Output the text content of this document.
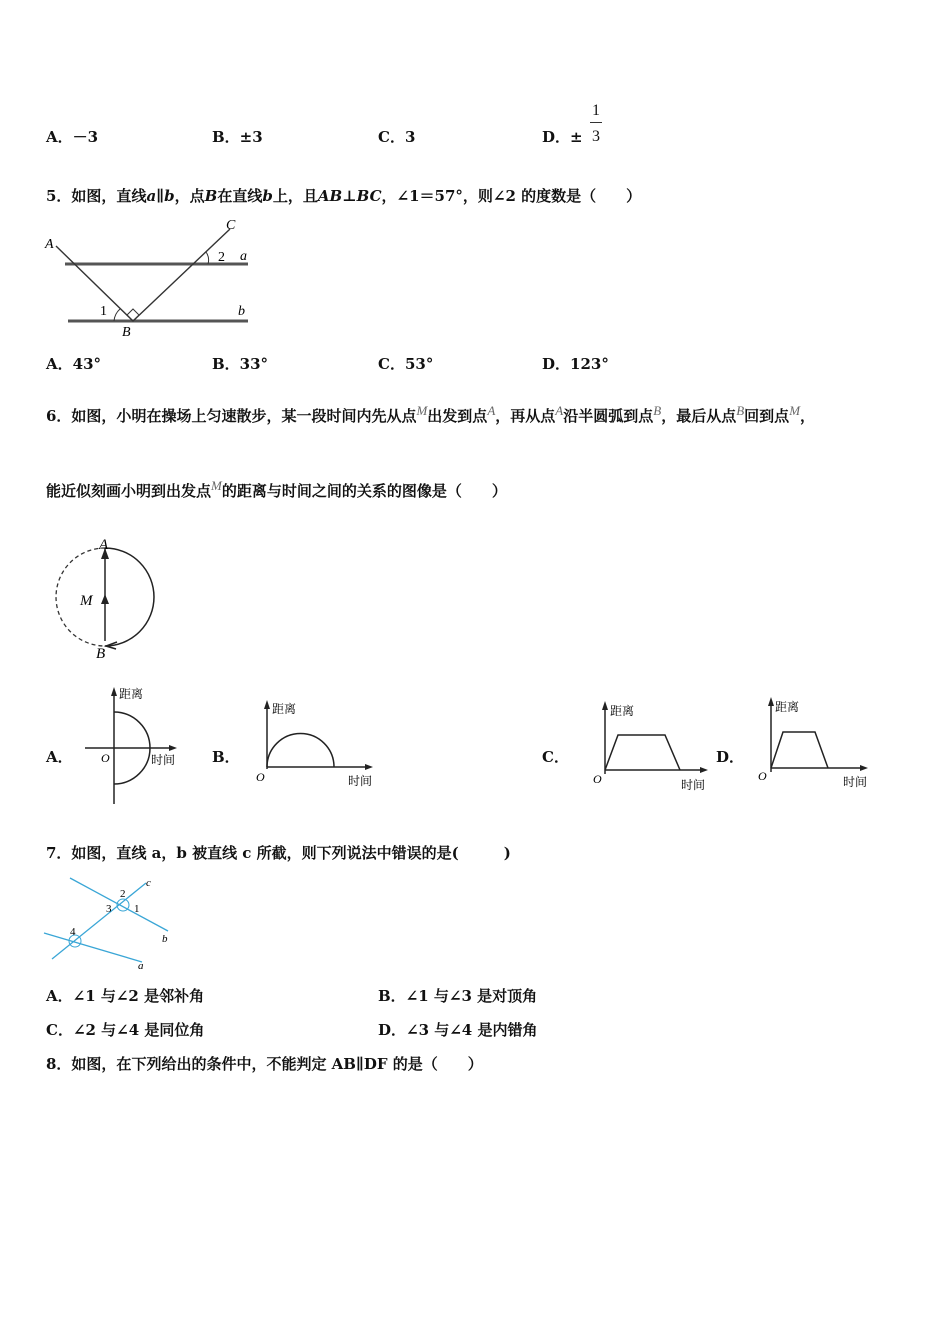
A．－3	B．±3	C．3	D．±
1
3
5．如图，直线a∥b，点B在直线b上，且AB⊥BC，∠1＝57°，则∠2 的度数是（　　）
A
B
C
a
b
1
2
A．43°	B．33°	C．53°	D．123°
6．如图，小明在操场上匀速散步，某一段时间内先从点M出发到点A，再从点A沿半圆弧到点B，最后从点B回到点M，
能近似刻画小明到出发点M的距离与时间之间的关系的图像是（　　）
A
M
B
A．
距离
时间
O	B．
距离
时间
O
C．
距离
时间
O
D．
距离
时间
O
7．如图，直线 a，b 被直线 c 所截，则下列说法中错误的是(　　　)
c
b
a
1
2
3
4
A．∠1 与∠2 是邻补角	B．∠1 与∠3 是对顶角
C．∠2 与∠4 是同位角	D．∠3 与∠4 是内错角
8．如图，在下列给出的条件中，不能判定 AB∥DF 的是（　　）
